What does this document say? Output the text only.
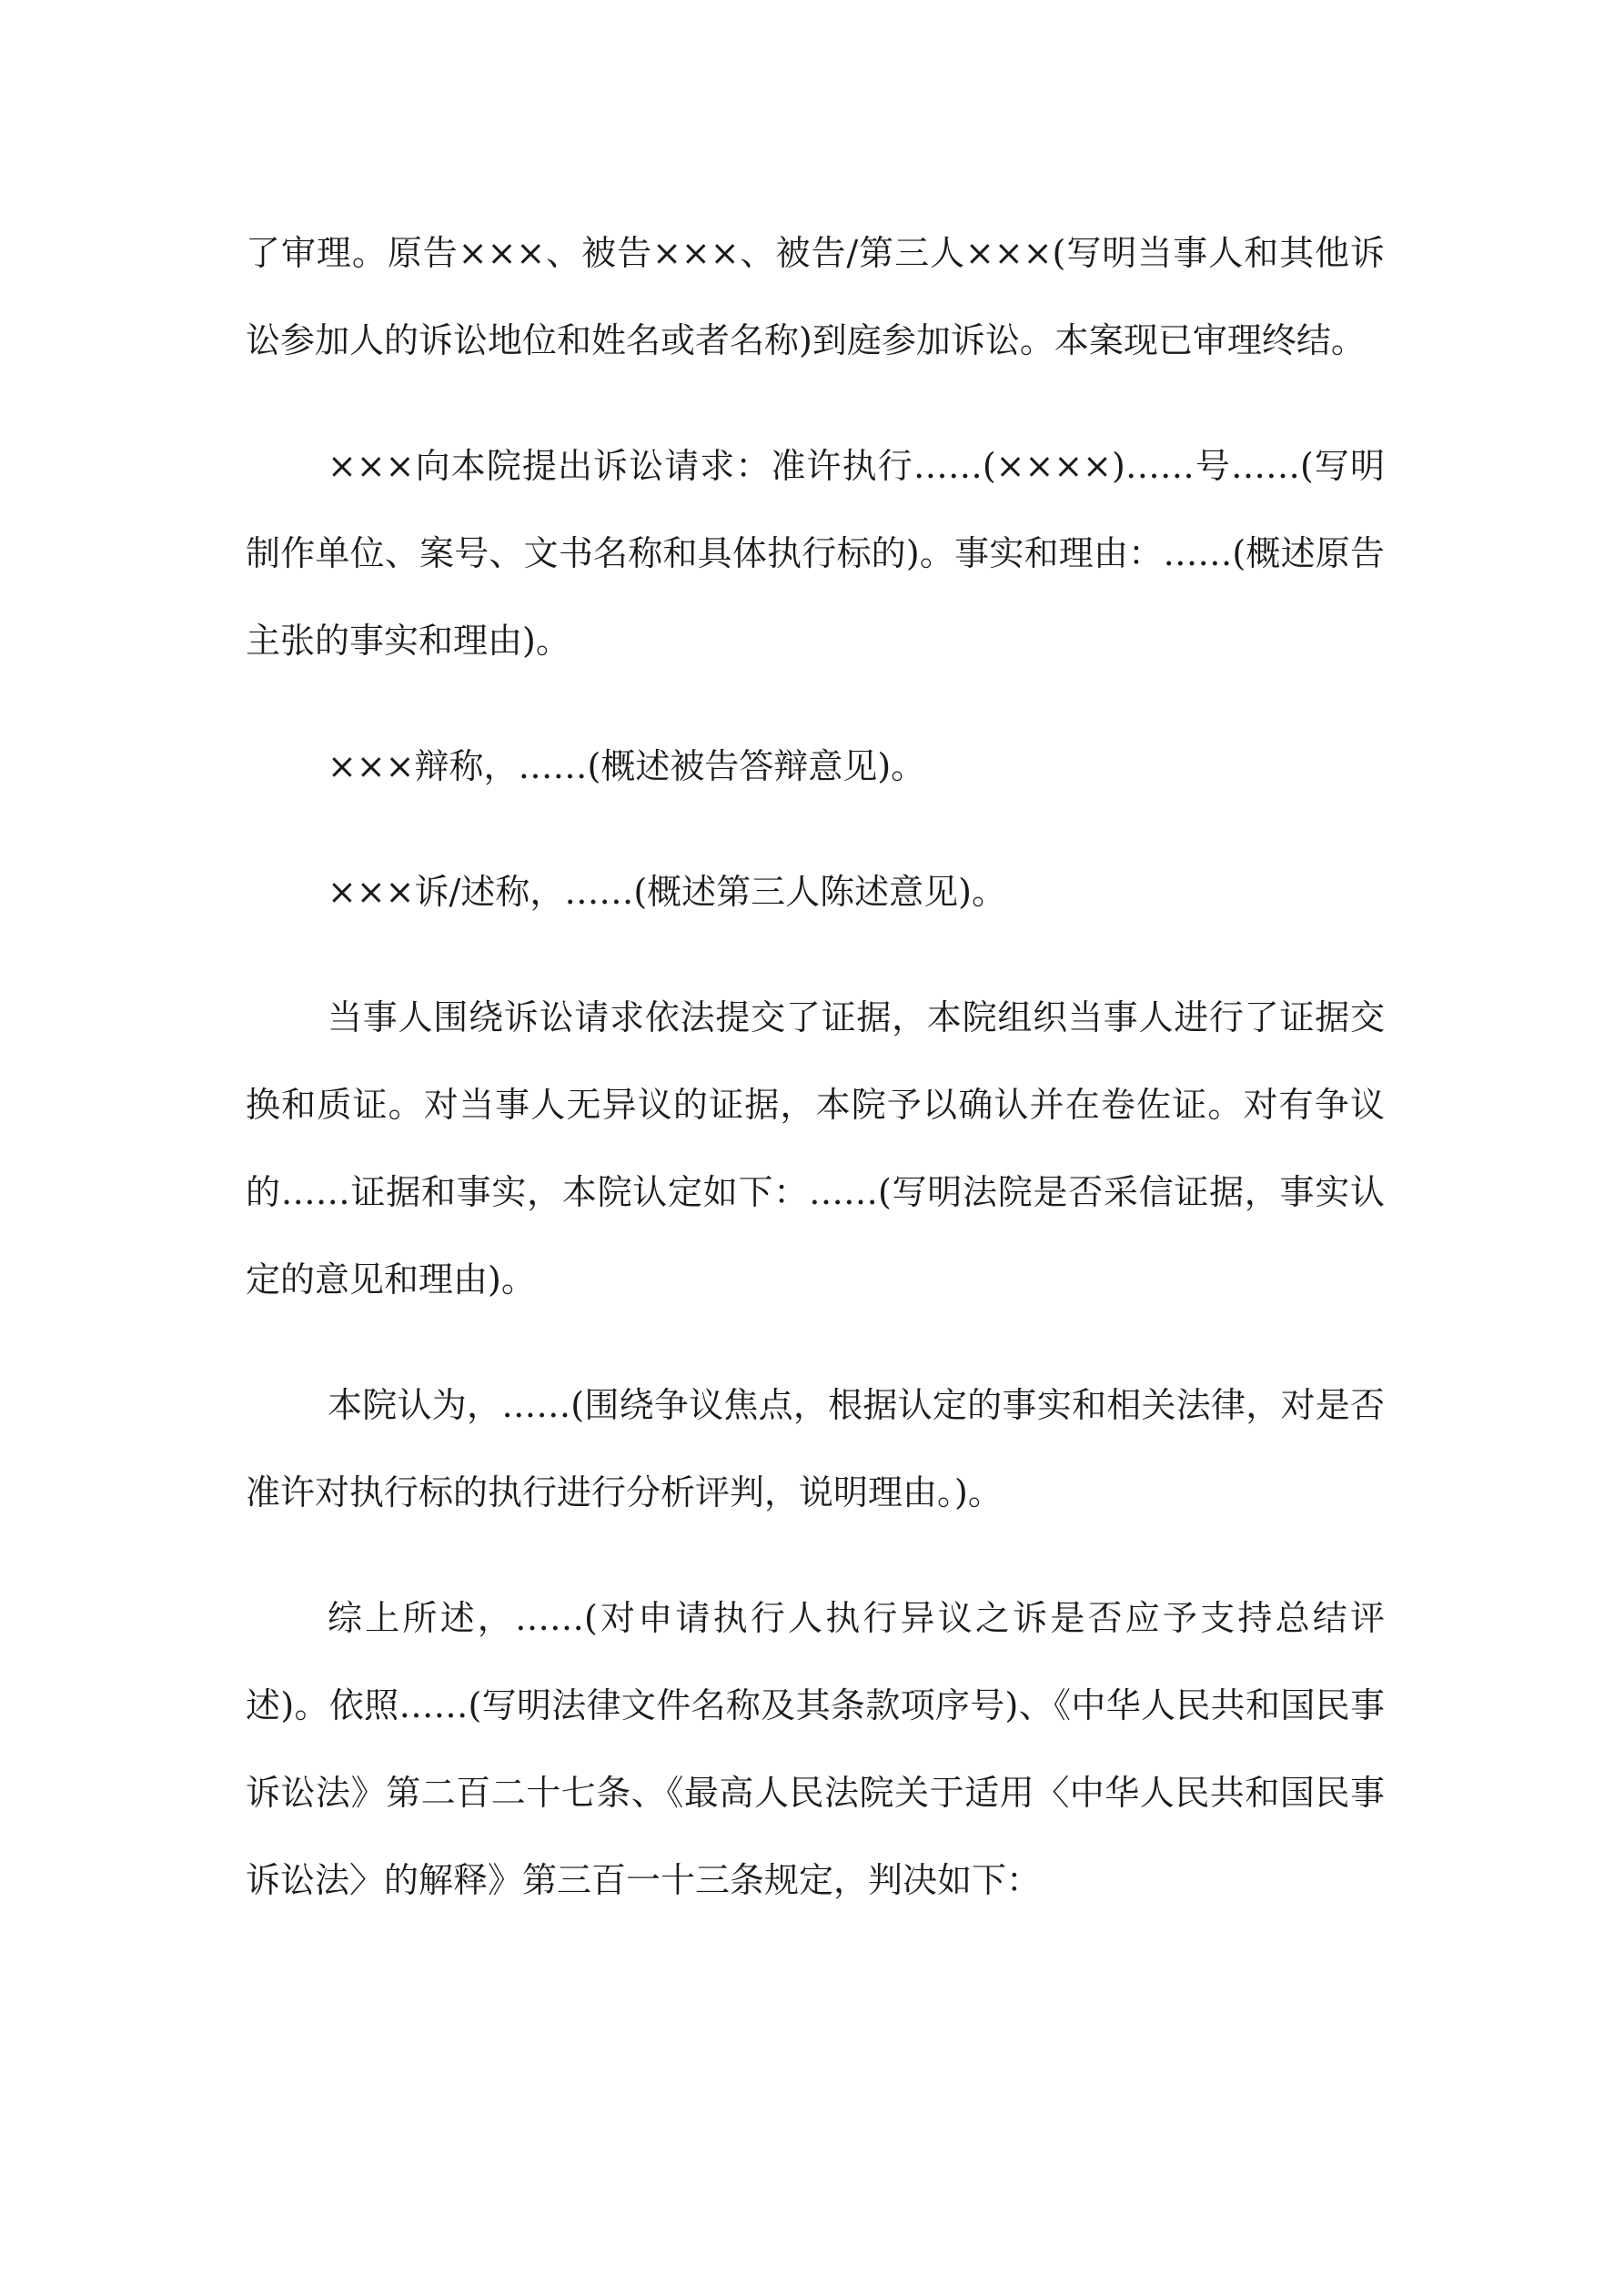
了审理。原告×××、被告×××、被告/第三人×××(写明当事人和其他诉讼参加人的诉讼地位和姓名或者名称)到庭参加诉讼。本案现已审理终结。

×××向本院提出诉讼请求：准许执行……(××××)……号……(写明制作单位、案号、文书名称和具体执行标的)。事实和理由：……(概述原告主张的事实和理由)。

×××辩称，……(概述被告答辩意见)。

×××诉/述称，……(概述第三人陈述意见)。

当事人围绕诉讼请求依法提交了证据，本院组织当事人进行了证据交换和质证。对当事人无异议的证据，本院予以确认并在卷佐证。对有争议的……证据和事实，本院认定如下：……(写明法院是否采信证据，事实认定的意见和理由)。

本院认为，……(围绕争议焦点，根据认定的事实和相关法律，对是否准许对执行标的执行进行分析评判，说明理由。)。

综上所述，……(对申请执行人执行异议之诉是否应予支持总结评述)。依照……(写明法律文件名称及其条款项序号)、《中华人民共和国民事诉讼法》第二百二十七条、《最高人民法院关于适用〈中华人民共和国民事诉讼法〉的解释》第三百一十三条规定，判决如下：
